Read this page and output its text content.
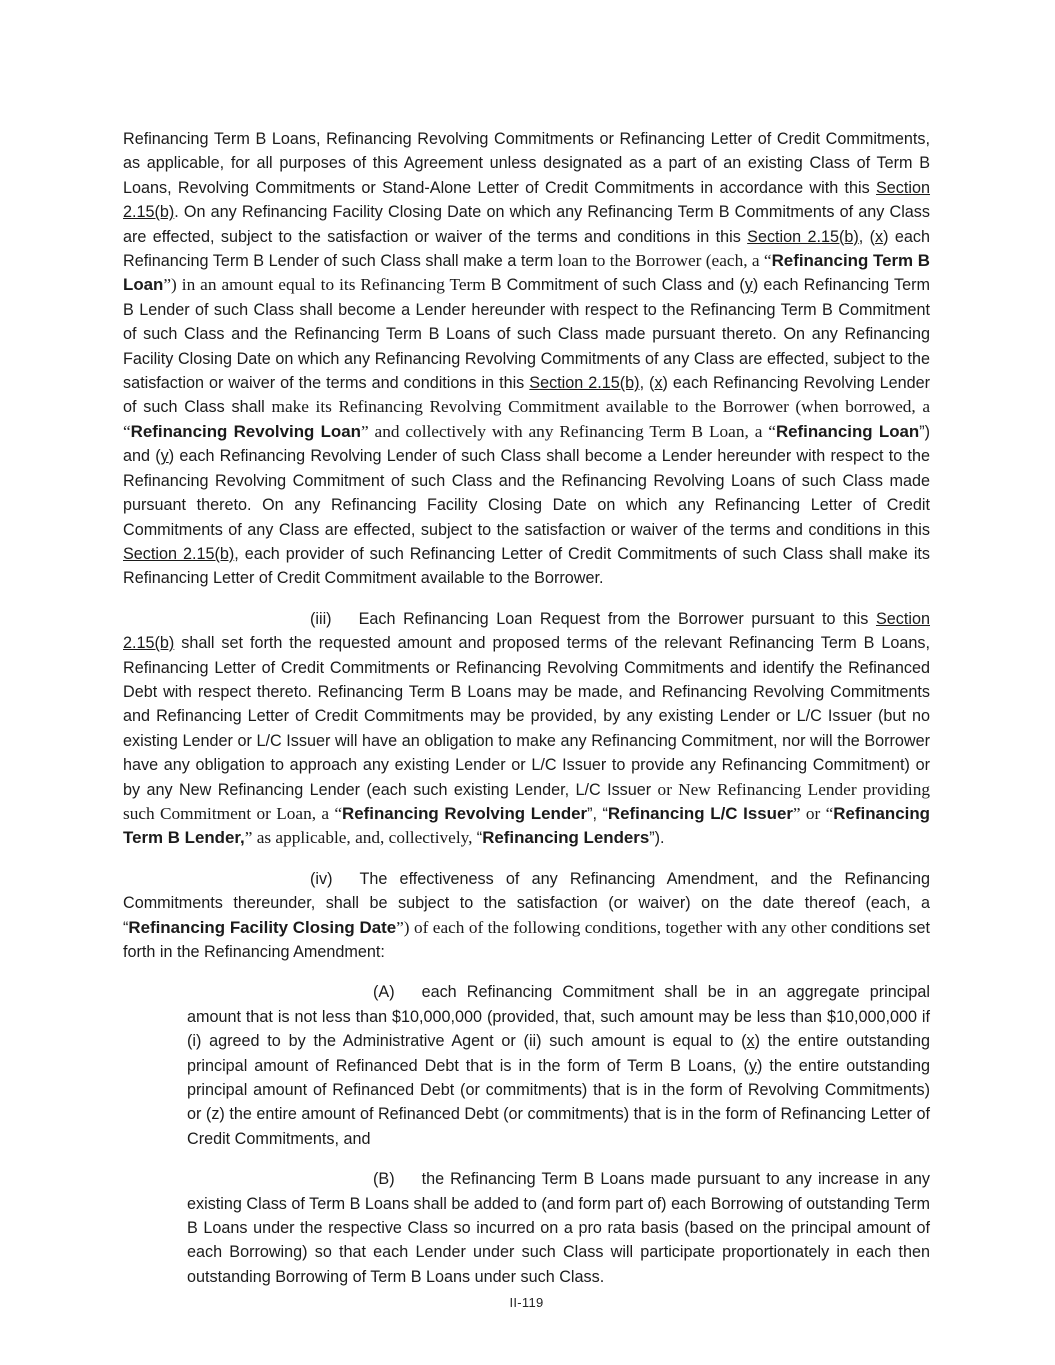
Refinancing Term B Loans, Refinancing Revolving Commitments or Refinancing Letter of Credit Commitments, as applicable, for all purposes of this Agreement unless designated as a part of an existing Class of Term B Loans, Revolving Commitments or Stand-Alone Letter of Credit Commitments in accordance with this Section 2.15(b). On any Refinancing Facility Closing Date on which any Refinancing Term B Commitments of any Class are effected, subject to the satisfaction or waiver of the terms and conditions in this Section 2.15(b), (x) each Refinancing Term B Lender of such Class shall make a term loan to the Borrower (each, a “Refinancing Term B Loan”) in an amount equal to its Refinancing Term B Commitment of such Class and (y) each Refinancing Term B Lender of such Class shall become a Lender hereunder with respect to the Refinancing Term B Commitment of such Class and the Refinancing Term B Loans of such Class made pursuant thereto. On any Refinancing Facility Closing Date on which any Refinancing Revolving Commitments of any Class are effected, subject to the satisfaction or waiver of the terms and conditions in this Section 2.15(b), (x) each Refinancing Revolving Lender of such Class shall make its Refinancing Revolving Commitment available to the Borrower (when borrowed, a “Refinancing Revolving Loan” and collectively with any Refinancing Term B Loan, a “Refinancing Loan”) and (y) each Refinancing Revolving Lender of such Class shall become a Lender hereunder with respect to the Refinancing Revolving Commitment of such Class and the Refinancing Revolving Loans of such Class made pursuant thereto. On any Refinancing Facility Closing Date on which any Refinancing Letter of Credit Commitments of any Class are effected, subject to the satisfaction or waiver of the terms and conditions in this Section 2.15(b), each provider of such Refinancing Letter of Credit Commitments of such Class shall make its Refinancing Letter of Credit Commitment available to the Borrower.

(iii) Each Refinancing Loan Request from the Borrower pursuant to this Section 2.15(b) shall set forth the requested amount and proposed terms of the relevant Refinancing Term B Loans, Refinancing Letter of Credit Commitments or Refinancing Revolving Commitments and identify the Refinanced Debt with respect thereto. Refinancing Term B Loans may be made, and Refinancing Revolving Commitments and Refinancing Letter of Credit Commitments may be provided, by any existing Lender or L/C Issuer (but no existing Lender or L/C Issuer will have an obligation to make any Refinancing Commitment, nor will the Borrower have any obligation to approach any existing Lender or L/C Issuer to provide any Refinancing Commitment) or by any New Refinancing Lender (each such existing Lender, L/C Issuer or New Refinancing Lender providing such Commitment or Loan, a “Refinancing Revolving Lender”, “Refinancing L/C Issuer” or “Refinancing Term B Lender,” as applicable, and, collectively, “Refinancing Lenders”).

(iv) The effectiveness of any Refinancing Amendment, and the Refinancing Commitments thereunder, shall be subject to the satisfaction (or waiver) on the date thereof (each, a “Refinancing Facility Closing Date”) of each of the following conditions, together with any other conditions set forth in the Refinancing Amendment:

(A) each Refinancing Commitment shall be in an aggregate principal amount that is not less than $10,000,000 (provided, that, such amount may be less than $10,000,000 if (i) agreed to by the Administrative Agent or (ii) such amount is equal to (x) the entire outstanding principal amount of Refinanced Debt that is in the form of Term B Loans, (y) the entire outstanding principal amount of Refinanced Debt (or commitments) that is in the form of Revolving Commitments) or (z) the entire amount of Refinanced Debt (or commitments) that is in the form of Refinancing Letter of Credit Commitments, and

(B) the Refinancing Term B Loans made pursuant to any increase in any existing Class of Term B Loans shall be added to (and form part of) each Borrowing of outstanding Term B Loans under the respective Class so incurred on a pro rata basis (based on the principal amount of each Borrowing) so that each Lender under such Class will participate proportionately in each then outstanding Borrowing of Term B Loans under such Class.

II-119
